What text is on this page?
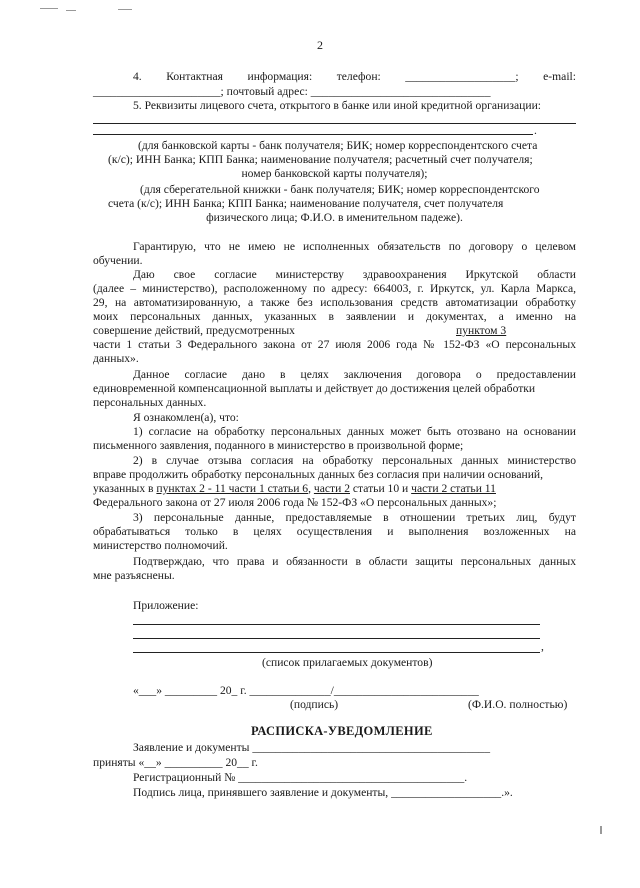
2
4. Контактная информация: телефон: ___________________; e-mail:
______________________; почтовый адрес: _______________________________
5. Реквизиты лицевого счета, открытого в банке или иной кредитной организации:
.
(для банковской карты - банк получателя; БИК; номер корреспондентского счета
(к/с); ИНН Банка; КПП Банка; наименование получателя; расчетный счет получателя;
номер банковской карты получателя);
(для сберегательной книжки - банк получателя; БИК; номер корреспондентского
счета (к/с); ИНН Банка; КПП Банка; наименование получателя, счет получателя
физического лица; Ф.И.О. в именительном падеже).
Гарантирую, что не имею не исполненных обязательств по договору о целевом
обучении.
Даю свое согласие министерству здравоохранения Иркутской области
(далее – министерство), расположенному по адресу: 664003, г. Иркутск, ул. Карла Маркса,
29, на автоматизированную, а также без использования средств автоматизации обработку
моих персональных данных, указанных в заявлении и документах, а именно на
совершение действий, предусмотренных	пунктом 3
части 1 статьи 3 Федерального закона от 27 июля 2006 года № 152-ФЗ «О персональных
данных».
Данное согласие дано в целях заключения договора о предоставлении
единовременной компенсационной выплаты и действует до достижения целей обработки
персональных данных.
Я ознакомлен(а), что:
1) согласие на обработку персональных данных может быть отозвано на основании
письменного заявления, поданного в министерство в произвольной форме;
2) в случае отзыва согласия на обработку персональных данных министерство
вправе продолжить обработку персональных данных без согласия при наличии оснований,
указанных в пунктах 2 - 11 части 1 статьи 6, части 2 статьи 10 и части 2 статьи 11
Федерального закона от 27 июля 2006 года № 152-ФЗ «О персональных данных»;
3) персональные данные, предоставляемые в отношении третьих лиц, будут
обрабатываться только в целях осуществления и выполнения возложенных на
министерство полномочий.
Подтверждаю, что права и обязанности в области защиты персональных данных
мне разъяснены.
Приложение:
,
(список прилагаемых документов)
«___» _________ 20_ г. ______________/_________________________
(подпись)	(Ф.И.О. полностью)
РАСПИСКА-УВЕДОМЛЕНИЕ
Заявление и документы _________________________________________
приняты «__» __________ 20__ г.
Регистрационный № _______________________________________.
Подпись лица, принявшего заявление и документы, ___________________.».
